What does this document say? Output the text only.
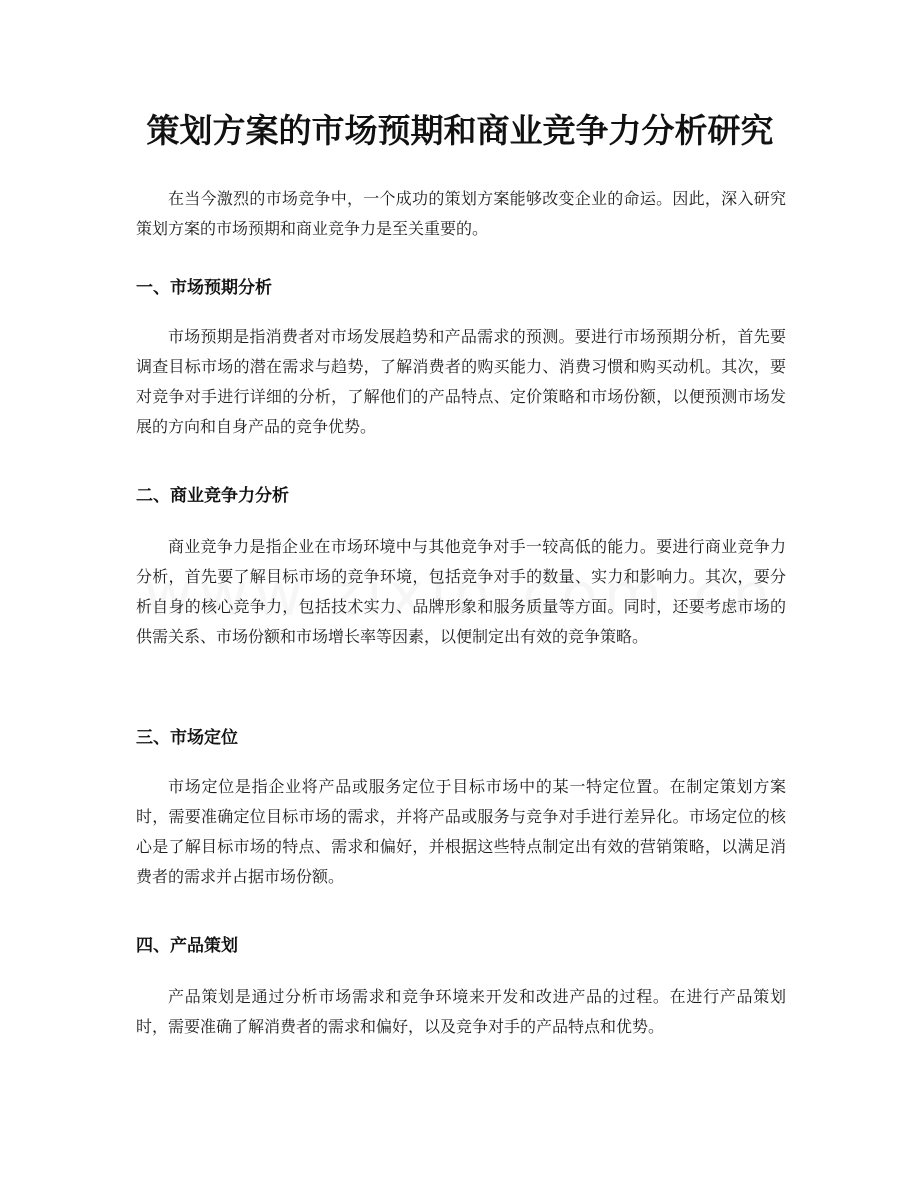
策划方案的市场预期和商业竞争力分析研究

在当今激烈的市场竞争中，一个成功的策划方案能够改变企业的命运。因此，深入研究策划方案的市场预期和商业竞争力是至关重要的。

一、市场预期分析

市场预期是指消费者对市场发展趋势和产品需求的预测。要进行市场预期分析，首先要调查目标市场的潜在需求与趋势，了解消费者的购买能力、消费习惯和购买动机。其次，要对竞争对手进行详细的分析，了解他们的产品特点、定价策略和市场份额，以便预测市场发展的方向和自身产品的竞争优势。

二、商业竞争力分析

商业竞争力是指企业在市场环境中与其他竞争对手一较高低的能力。要进行商业竞争力分析，首先要了解目标市场的竞争环境，包括竞争对手的数量、实力和影响力。其次，要分析自身的核心竞争力，包括技术实力、品牌形象和服务质量等方面。同时，还要考虑市场的供需关系、市场份额和市场增长率等因素，以便制定出有效的竞争策略。

三、市场定位

市场定位是指企业将产品或服务定位于目标市场中的某一特定位置。在制定策划方案时，需要准确定位目标市场的需求，并将产品或服务与竞争对手进行差异化。市场定位的核心是了解目标市场的特点、需求和偏好，并根据这些特点制定出有效的营销策略，以满足消费者的需求并占据市场份额。

四、产品策划

产品策划是通过分析市场需求和竞争环境来开发和改进产品的过程。在进行产品策划时，需要准确了解消费者的需求和偏好，以及竞争对手的产品特点和优势。
